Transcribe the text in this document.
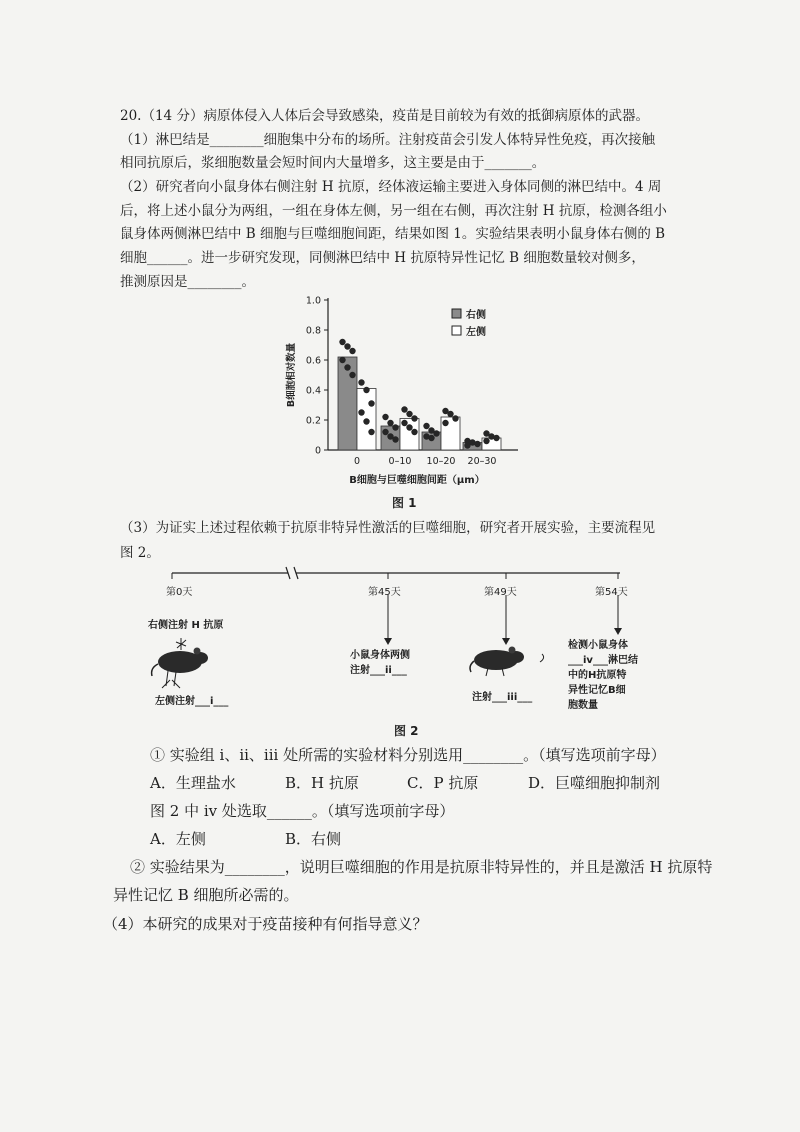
20.（14 分）病原体侵入人体后会导致感染，疫苗是目前较为有效的抵御病原体的武器。
（1）淋巴结是________细胞集中分布的场所。注射疫苗会引发人体特异性免疫，再次接触
相同抗原后，浆细胞数量会短时间内大量增多，这主要是由于_______。
（2）研究者向小鼠身体右侧注射 H 抗原，经体液运输主要进入身体同侧的淋巴结中。4 周
后，将上述小鼠分为两组，一组在身体左侧，另一组在右侧，再次注射 H 抗原，检测各组小
鼠身体两侧淋巴结中 B 细胞与巨噬细胞间距，结果如图 1。实验结果表明小鼠身体右侧的 B
细胞______。进一步研究发现，同侧淋巴结中 H 抗原特异性记忆 B 细胞数量较对侧多，
推测原因是________。
0
0.2
0.4
0.6
0.8
1.0
B细胞相对数量
0	0–10 10–20 20–30
B细胞与巨噬细胞间距（μm）
右侧
左侧
图 1
（3）为证实上述过程依赖于抗原非特异性激活的巨噬细胞，研究者开展实验，主要流程见
图 2。
第0天	第45天	第49天	第54天
右侧注射 H 抗原
左侧注射___i___
小鼠身体两侧
注射___ii___
注射___iii___
检测小鼠身体
___iv___淋巴结
中的H抗原特
异性记忆B细
胞数量
图 2
① 实验组 i、ii、iii 处所需的实验材料分别选用________。（填写选项前字母）
A．生理盐水	B．H 抗原	C．P 抗原	D．巨噬细胞抑制剂
图 2 中 iv 处选取______。（填写选项前字母）
A．左侧	B．右侧
② 实验结果为________，说明巨噬细胞的作用是抗原非特异性的，并且是激活 H 抗原特
异性记忆 B 细胞所必需的。
（4）本研究的成果对于疫苗接种有何指导意义？
